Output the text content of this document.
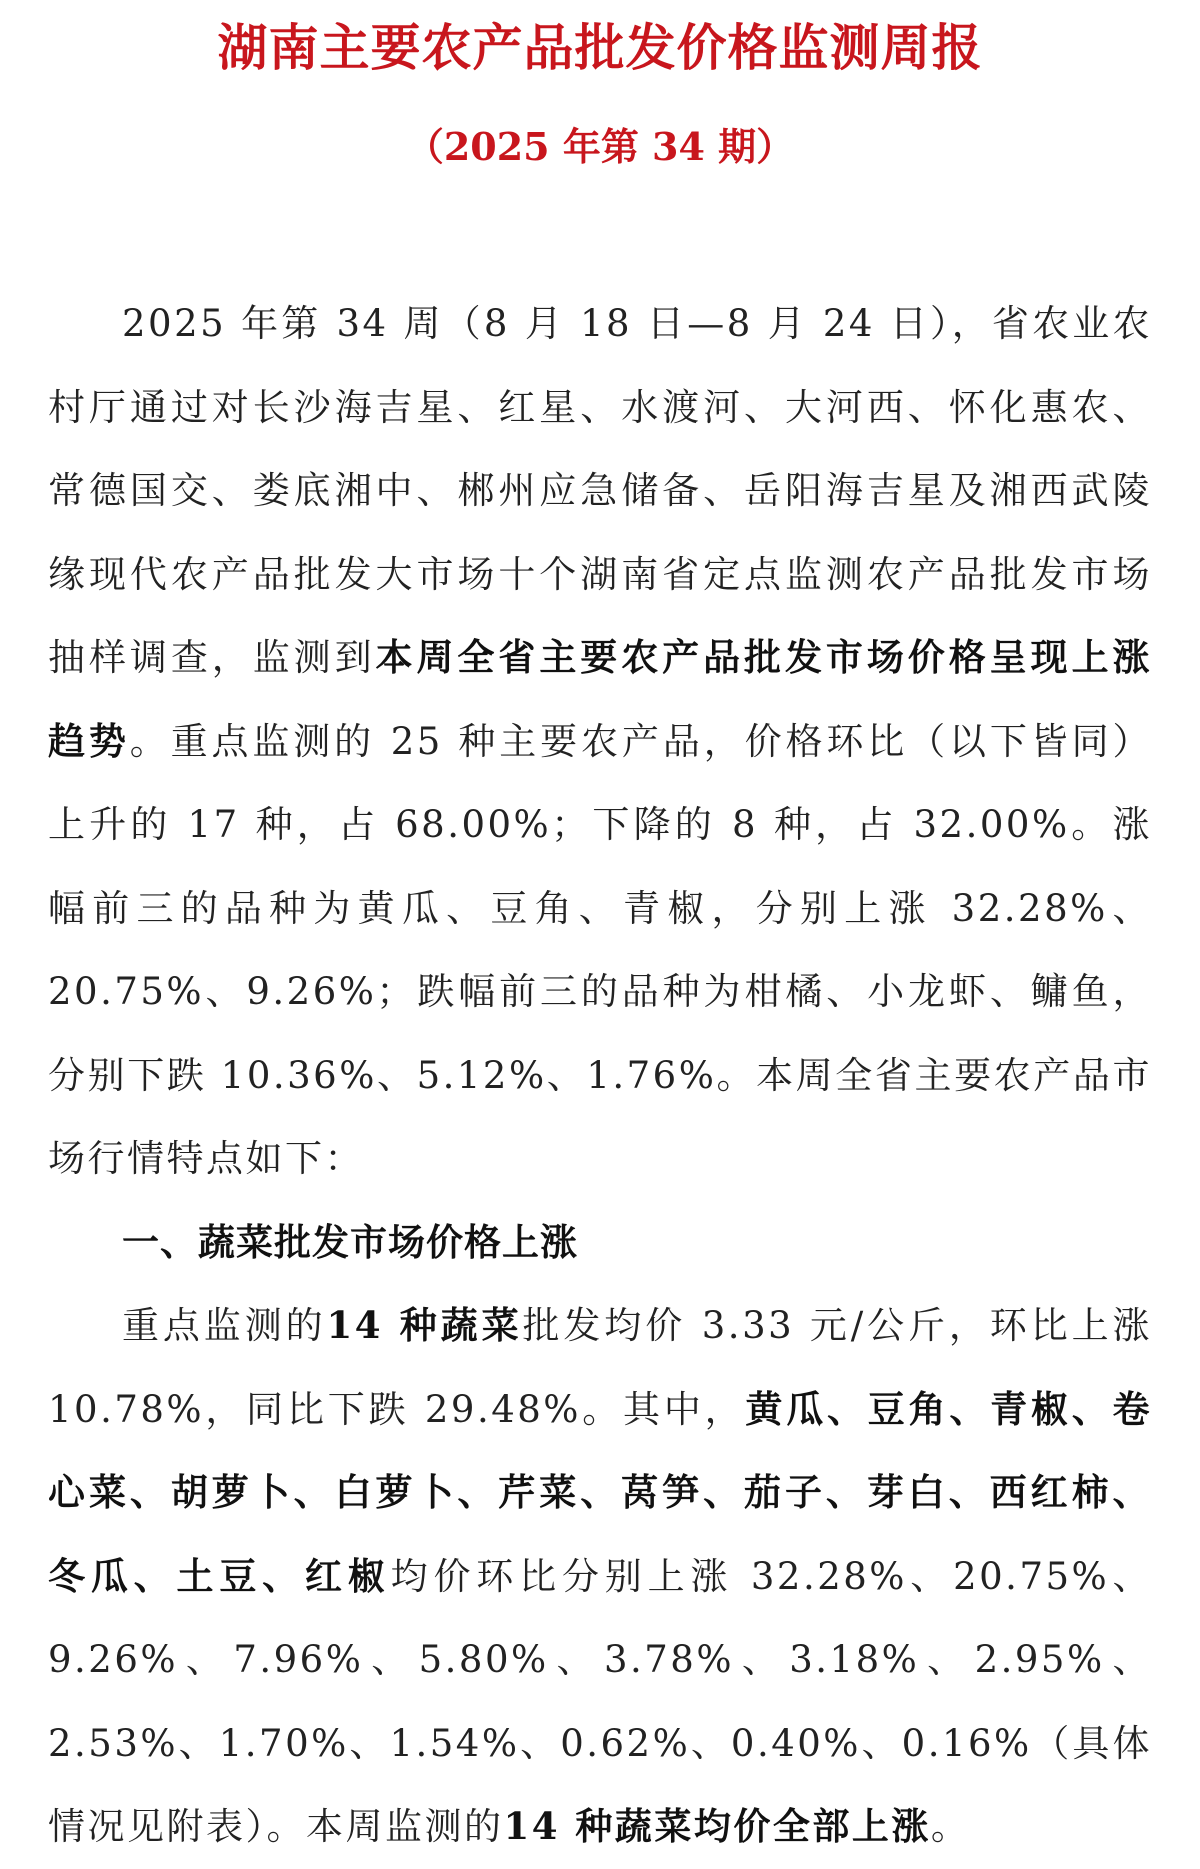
湖南主要农产品批发价格监测周报
（2025 年第 34 期）

2025 年第 34 周（8 月 18 日—8 月 24 日），省农业农村厅通过对长沙海吉星、红星、水渡河、大河西、怀化惠农、常德国交、娄底湘中、郴州应急储备、岳阳海吉星及湘西武陵缘现代农产品批发大市场十个湖南省定点监测农产品批发市场抽样调查，监测到本周全省主要农产品批发市场价格呈现上涨趋势。重点监测的 25 种主要农产品，价格环比（以下皆同）上升的 17 种，占 68.00%；下降的 8 种，占 32.00%。涨幅前三的品种为黄瓜、豆角、青椒，分别上涨 32.28%、20.75%、9.26%；跌幅前三的品种为柑橘、小龙虾、鳙鱼，分别下跌 10.36%、5.12%、1.76%。本周全省主要农产品市场行情特点如下：

一、蔬菜批发市场价格上涨

重点监测的14 种蔬菜批发均价 3.33 元/公斤，环比上涨 10.78%，同比下跌 29.48%。其中，黄瓜、豆角、青椒、卷心菜、胡萝卜、白萝卜、芹菜、莴笋、茄子、芽白、西红柿、冬瓜、土豆、红椒均价环比分别上涨 32.28%、20.75%、9.26%、7.96%、5.80%、3.78%、3.18%、2.95%、2.53%、1.70%、1.54%、0.62%、0.40%、0.16%（具体情况见附表）。本周监测的14 种蔬菜均价全部上涨。
